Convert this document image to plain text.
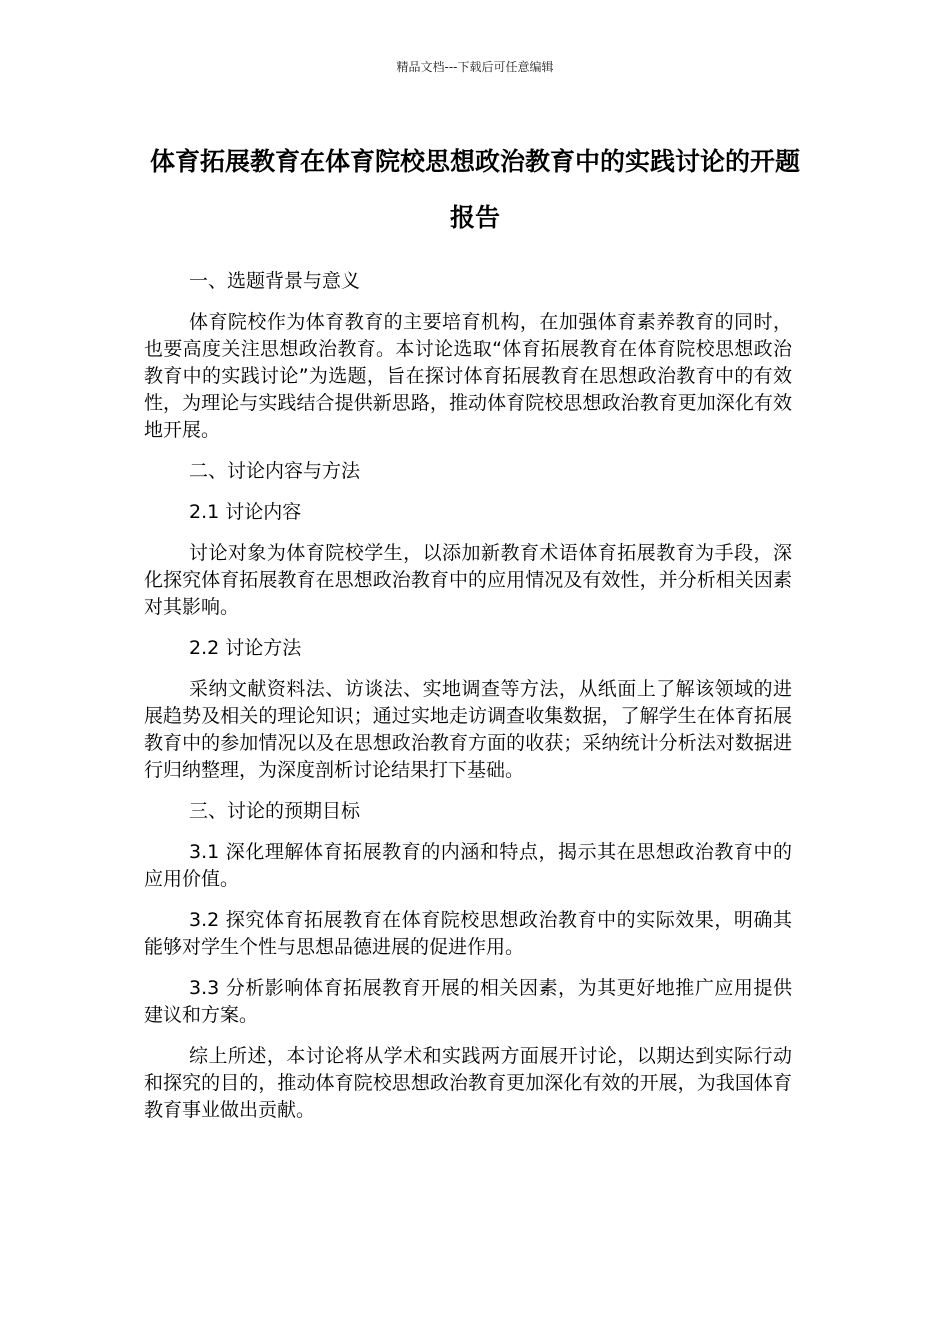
精品文档---下载后可任意编辑
体育拓展教育在体育院校思想政治教育中的实践讨论的开题报告

一、选题背景与意义

体育院校作为体育教育的主要培育机构，在加强体育素养教育的同时，也要高度关注思想政治教育。本讨论选取“体育拓展教育在体育院校思想政治教育中的实践讨论”为选题，旨在探讨体育拓展教育在思想政治教育中的有效性，为理论与实践结合提供新思路，推动体育院校思想政治教育更加深化有效地开展。

二、讨论内容与方法

2.1 讨论内容

讨论对象为体育院校学生，以添加新教育术语体育拓展教育为手段，深化探究体育拓展教育在思想政治教育中的应用情况及有效性，并分析相关因素对其影响。

2.2 讨论方法

采纳文献资料法、访谈法、实地调查等方法，从纸面上了解该领域的进展趋势及相关的理论知识；通过实地走访调查收集数据，了解学生在体育拓展教育中的参加情况以及在思想政治教育方面的收获；采纳统计分析法对数据进行归纳整理，为深度剖析讨论结果打下基础。

三、讨论的预期目标

3.1 深化理解体育拓展教育的内涵和特点，揭示其在思想政治教育中的应用价值。

3.2 探究体育拓展教育在体育院校思想政治教育中的实际效果，明确其能够对学生个性与思想品德进展的促进作用。

3.3 分析影响体育拓展教育开展的相关因素，为其更好地推广应用提供建议和方案。

综上所述，本讨论将从学术和实践两方面展开讨论，以期达到实际行动和探究的目的，推动体育院校思想政治教育更加深化有效的开展，为我国体育教育事业做出贡献。
